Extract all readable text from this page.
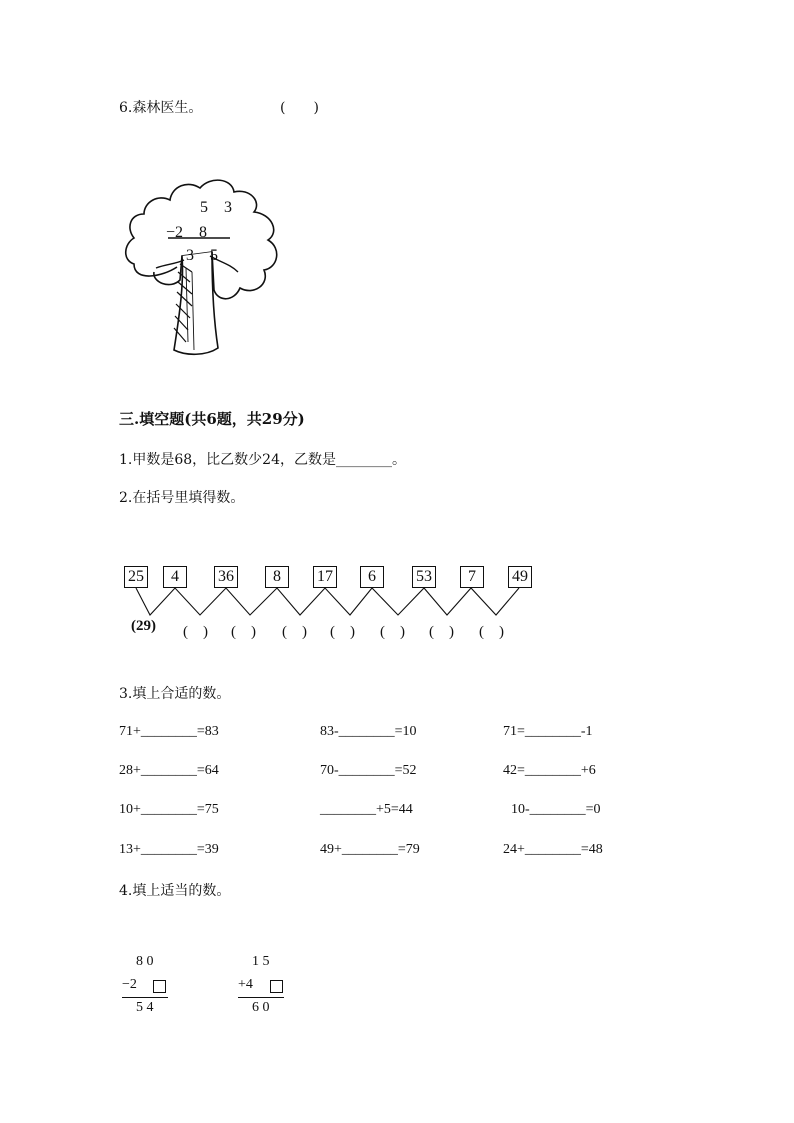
6.森林医生。	(　　)
5　3
−2　8
3　5
三.填空题(共6题，共29分)
1.甲数是68，比乙数少24，乙数是________。
2.在括号里填得数。
25	4	36	8	17	6	53	7	49
(29) (　) (　) (　) (　) (　) (　) (　)
3.填上合适的数。
71+________=83	83-________=10	71=________-1
28+________=64	70-________=52	42=________+6
10+________=75	________+5=44	10-________=0
13+________=39	49+________=79	24+________=48
4.填上适当的数。
8 0
−2
5 4
1 5
+4
6 0
